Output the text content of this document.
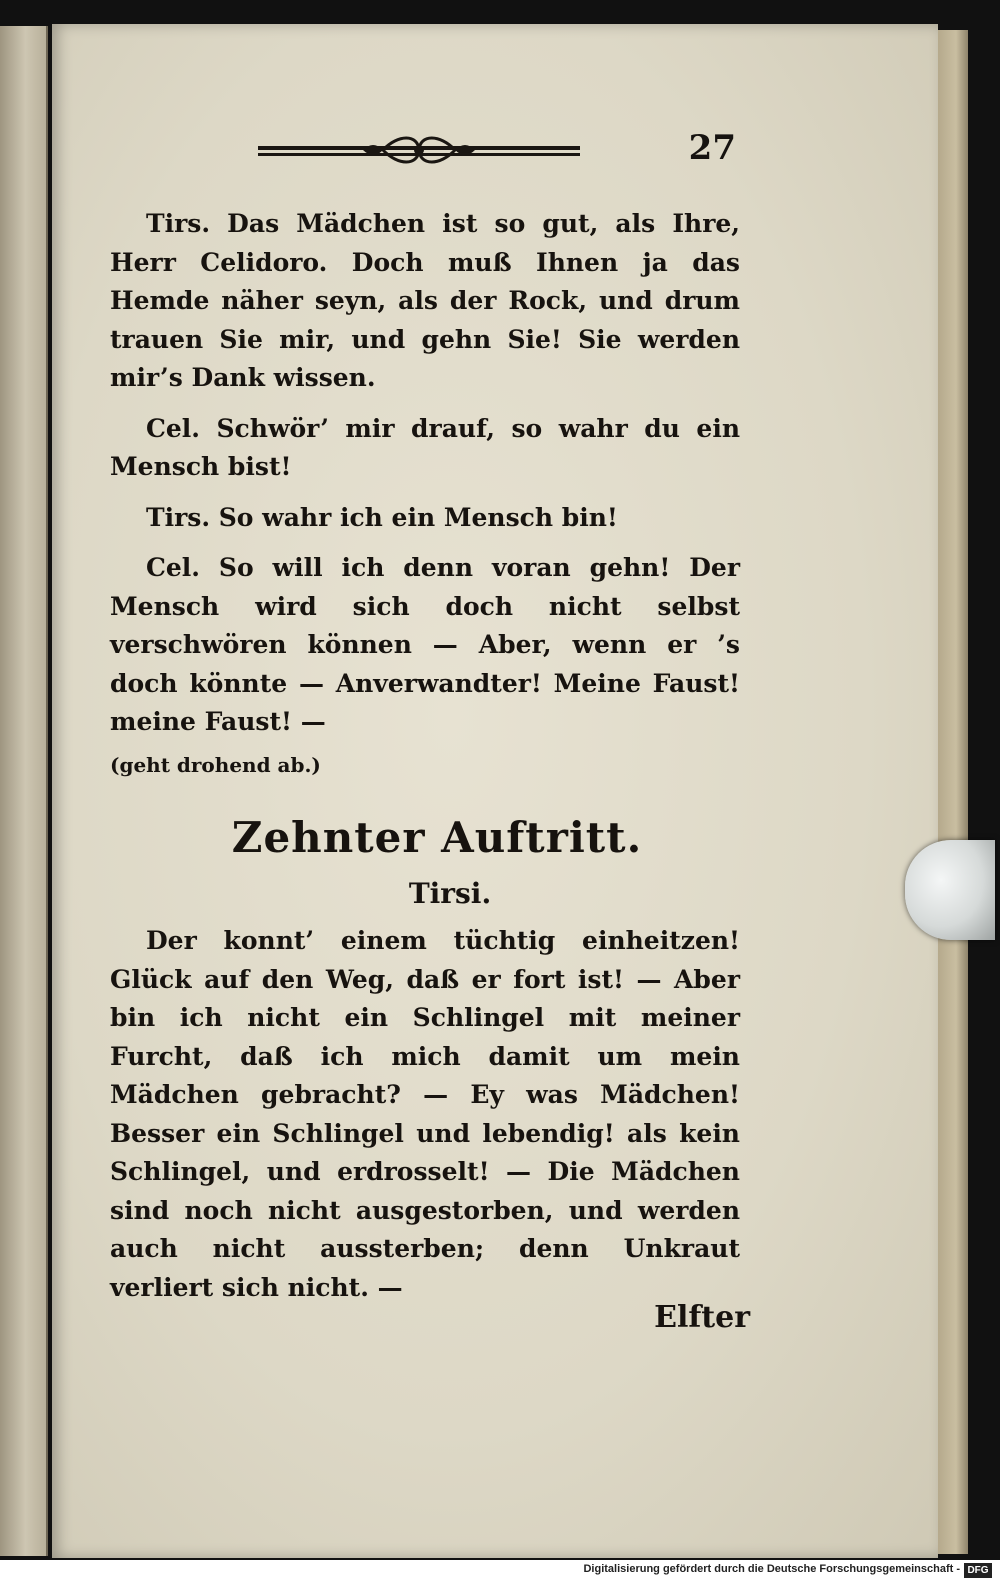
27

Tirs. Das Mädchen ist so gut, als Ihre, Herr Celidoro. Doch muß Ihnen ja das Hemde näher seyn, als der Rock, und drum trauen Sie mir, und gehn Sie! Sie werden mir’s Dank wissen.

Cel. Schwör’ mir drauf, so wahr du ein Mensch bist!

Tirs. So wahr ich ein Mensch bin!

Cel. So will ich denn voran gehn! Der Mensch wird sich doch nicht selbst verschwören können — Aber, wenn er ’s doch könnte — Anverwandter! Meine Faust! meine Faust! —

(geht drohend ab.)
Zehnter Auftritt.
Tirsi.

Der konnt’ einem tüchtig einheitzen! Glück auf den Weg, daß er fort ist! — Aber bin ich nicht ein Schlingel mit meiner Furcht, daß ich mich damit um mein Mädchen gebracht? — Ey was Mädchen! Besser ein Schlingel und lebendig! als kein Schlingel, und erdrosselt! — Die Mädchen sind noch nicht ausgestorben, und werden auch nicht aussterben; denn Unkraut verliert sich nicht. —

Elfter
Digitalisierung gefördert durch die Deutsche Forschungsgemeinschaft - DFG
